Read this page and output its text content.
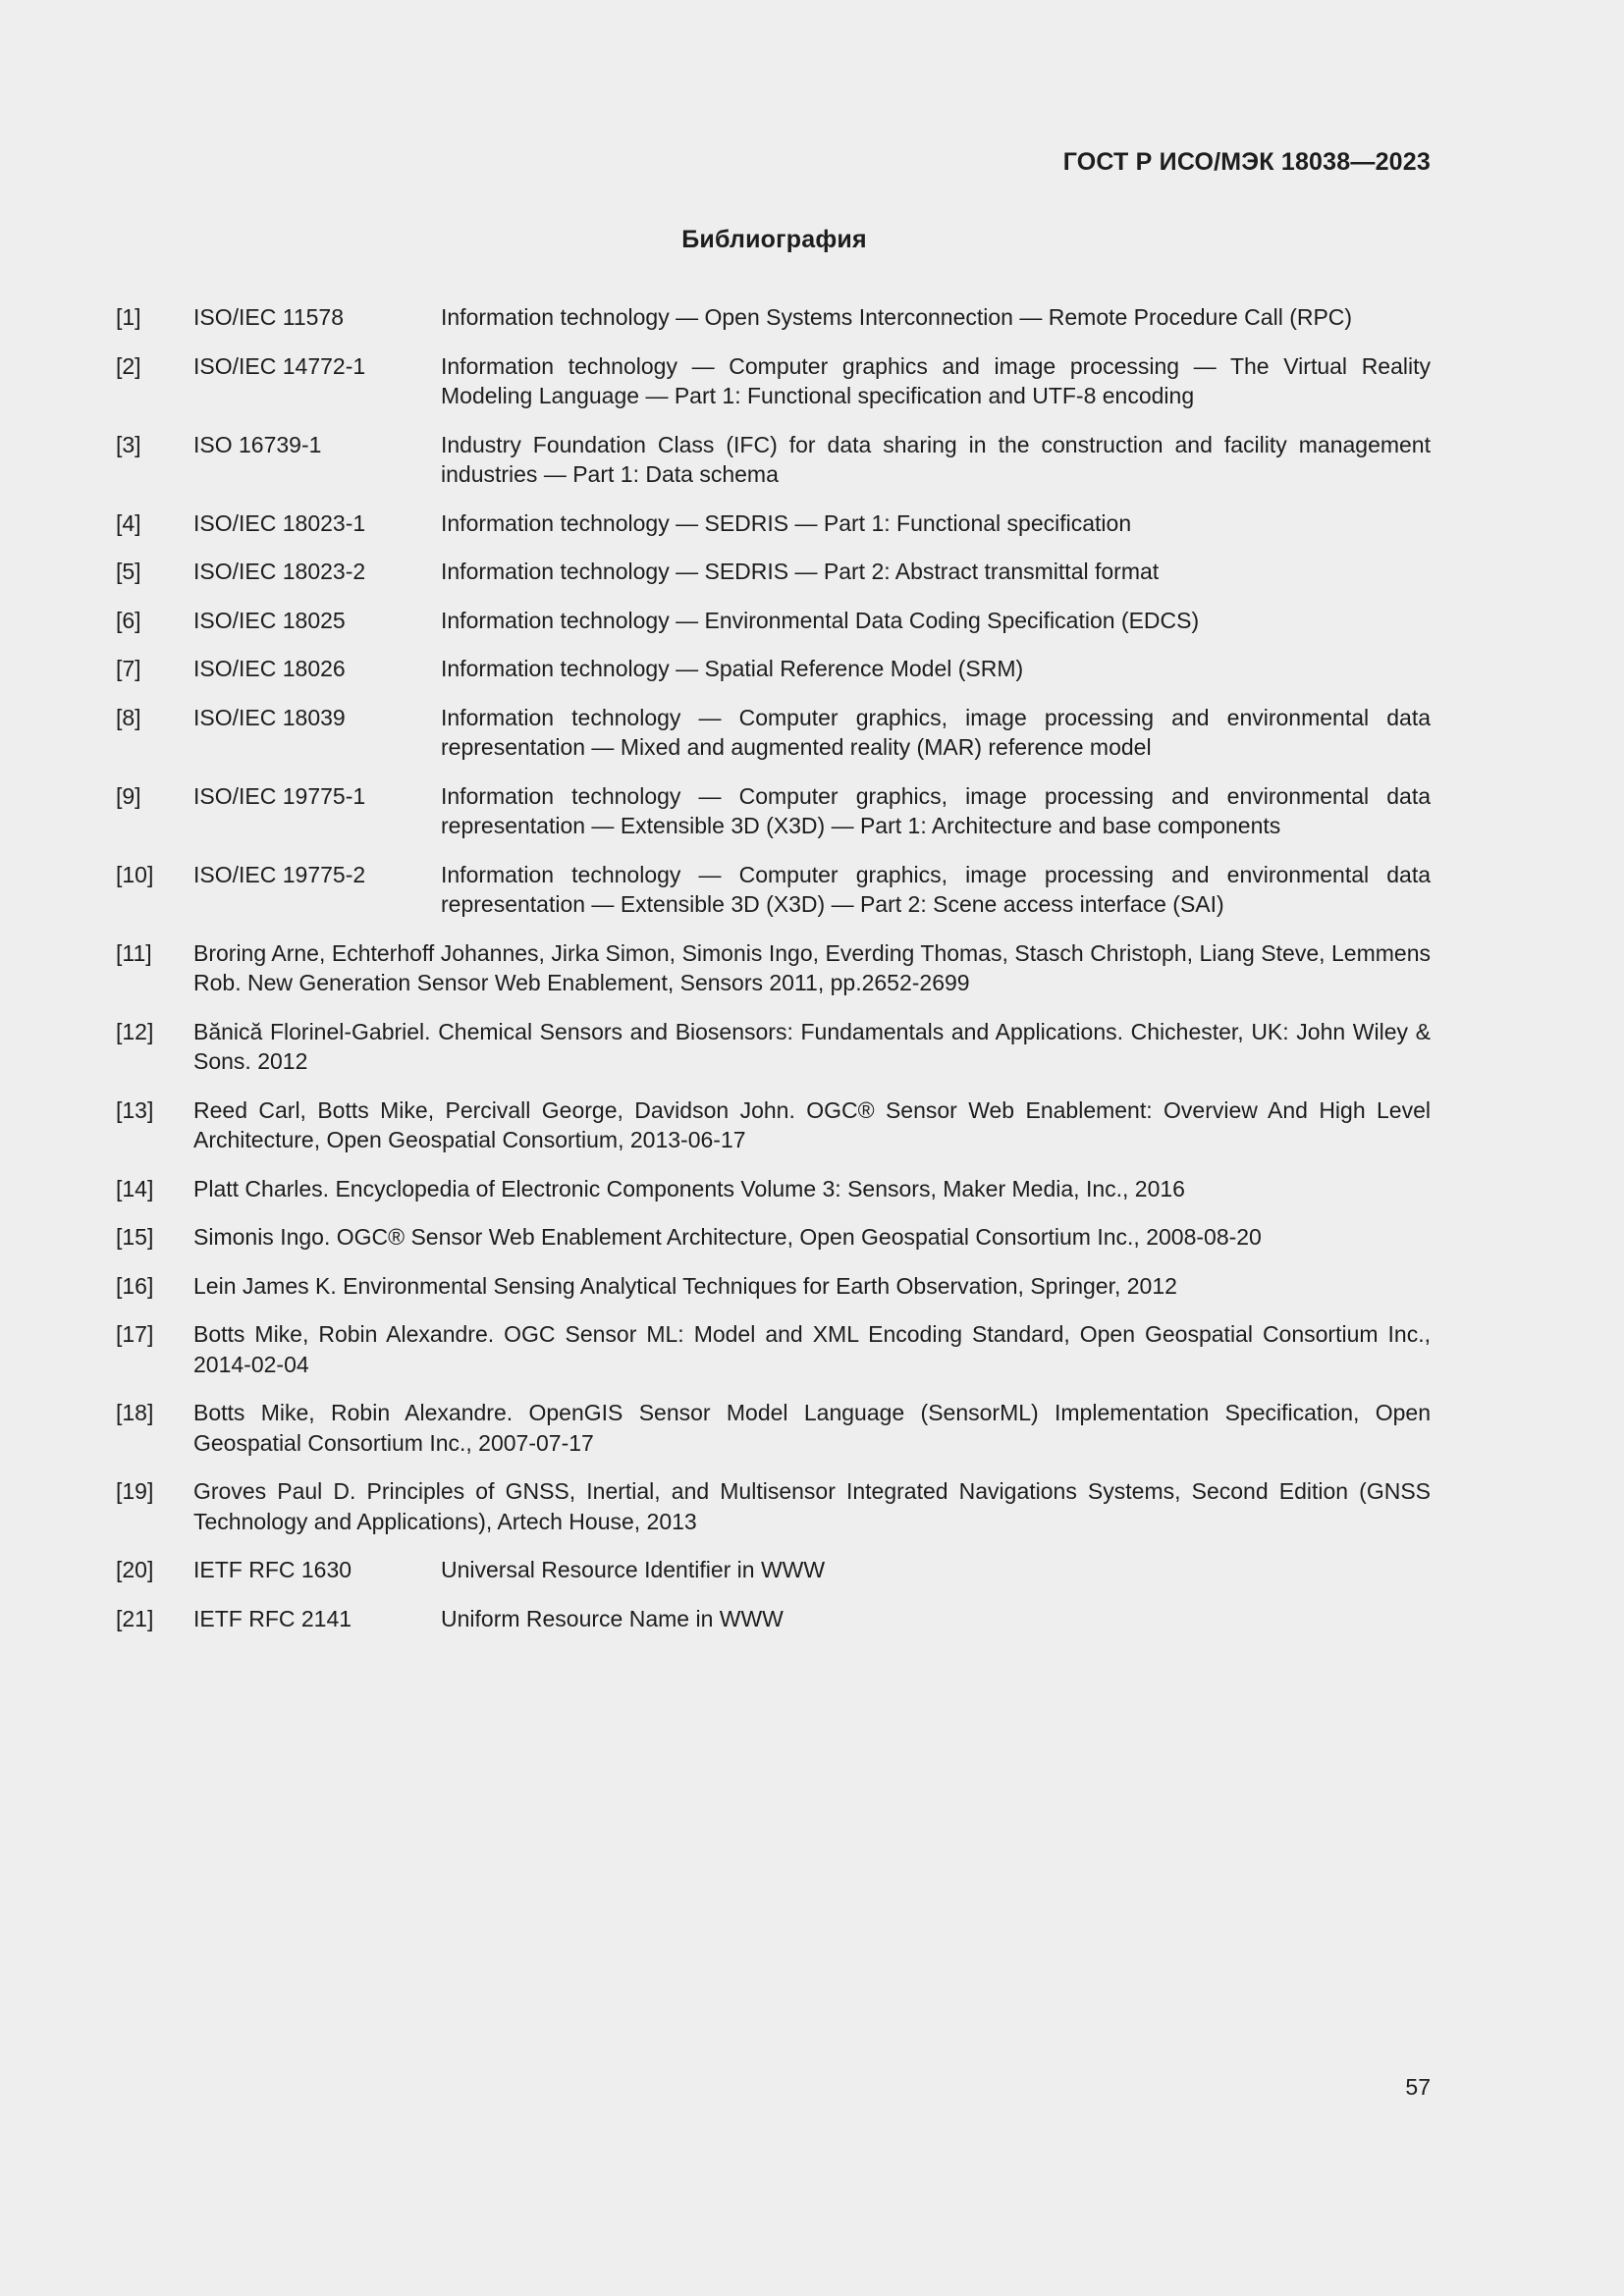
ГОСТ Р ИСО/МЭК 18038—2023
Библиография
[1] ISO/IEC 11578	Information technology — Open Systems Interconnection — Remote Procedure Call (RPC)
[2] ISO/IEC 14772-1	Information technology — Computer graphics and image processing — The Virtual Reality Modeling Language — Part 1: Functional specification and UTF-8 encoding
[3] ISO 16739-1	Industry Foundation Class (IFC) for data sharing in the construction and facility management industries — Part 1: Data schema
[4] ISO/IEC 18023-1	Information technology — SEDRIS — Part 1: Functional specification
[5] ISO/IEC 18023-2	Information technology — SEDRIS — Part 2: Abstract transmittal format
[6] ISO/IEC 18025	Information technology — Environmental Data Coding Specification (EDCS)
[7] ISO/IEC 18026	Information technology — Spatial Reference Model (SRM)
[8] ISO/IEC 18039	Information technology — Computer graphics, image processing and environmental data representation — Mixed and augmented reality (MAR) reference model
[9] ISO/IEC 19775-1	Information technology — Computer graphics, image processing and environmental data representation — Extensible 3D (X3D) — Part 1: Architecture and base components
[10] ISO/IEC 19775-2	Information technology — Computer graphics, image processing and environmental data representation — Extensible 3D (X3D) — Part 2: Scene access interface (SAI)
[11] Broring Arne, Echterhoff Johannes, Jirka Simon, Simonis Ingo, Everding Thomas, Stasch Christoph, Liang Steve, Lemmens Rob. New Generation Sensor Web Enablement, Sensors 2011, pp.2652-2699
[12] Bănică Florinel-Gabriel. Chemical Sensors and Biosensors: Fundamentals and Applications. Chichester, UK: John Wiley & Sons. 2012
[13] Reed Carl, Botts Mike, Percivall George, Davidson John. OGC® Sensor Web Enablement: Overview And High Level Architecture, Open Geospatial Consortium, 2013-06-17
[14] Platt Charles. Encyclopedia of Electronic Components Volume 3: Sensors, Maker Media, Inc., 2016
[15] Simonis Ingo. OGC® Sensor Web Enablement Architecture, Open Geospatial Consortium Inc., 2008-08-20
[16] Lein James K. Environmental Sensing Analytical Techniques for Earth Observation, Springer, 2012
[17] Botts Mike, Robin Alexandre. OGC Sensor ML: Model and XML Encoding Standard, Open Geospatial Consortium Inc., 2014-02-04
[18] Botts Mike, Robin Alexandre. OpenGIS Sensor Model Language (SensorML) Implementation Specification, Open Geospatial Consortium Inc., 2007-07-17
[19] Groves Paul D. Principles of GNSS, Inertial, and Multisensor Integrated Navigations Systems, Second Edition (GNSS Technology and Applications), Artech House, 2013
[20] IETF RFC 1630	Universal Resource Identifier in WWW
[21] IETF RFC 2141	Uniform Resource Name in WWW
57
